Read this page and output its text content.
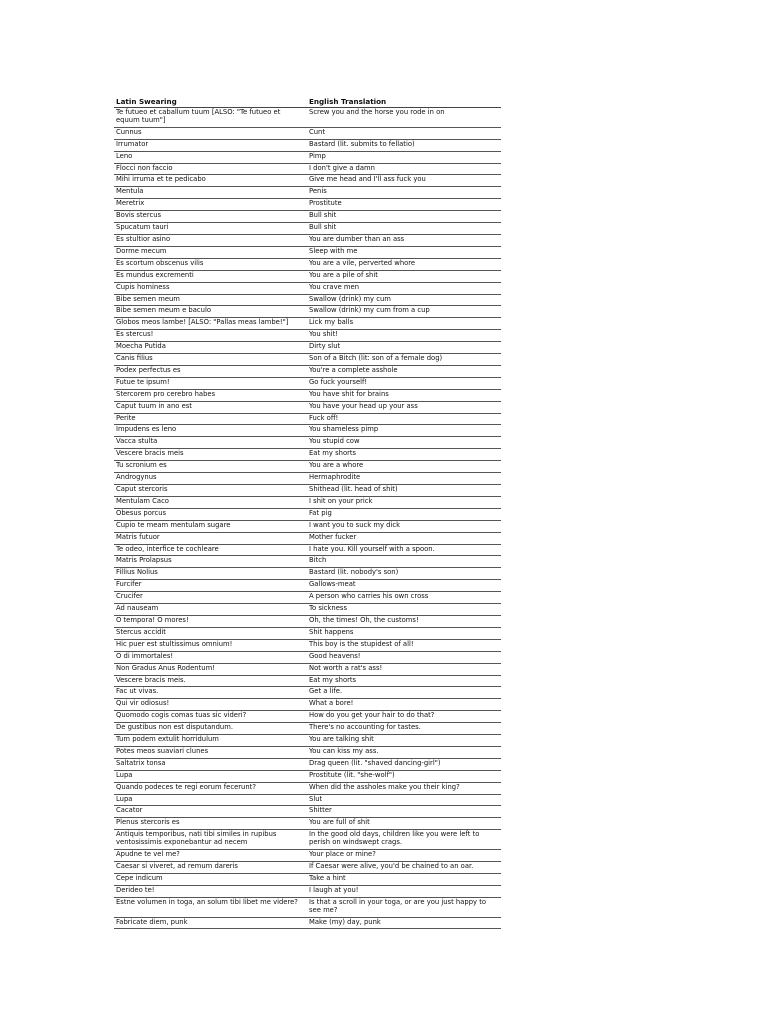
Latin Swearing	English Translation
Te futueo et caballum tuum [ALSO: "Te futueo et equum tuum"]	Screw you and the horse you rode in on
Cunnus	Cunt
Irrumator	Bastard (lit. submits to fellatio)
Leno	Pimp
Flocci non faccio	I don't give a damn
Mihi irruma et te pedicabo	Give me head and I'll ass fuck you
Mentula	Penis
Meretrix	Prostitute
Bovis stercus	Bull shit
Spucatum tauri	Bull shit
Es stultior asino	You are dumber than an ass
Dorme mecum	Sleep with me
Es scortum obscenus vilis	You are a vile, perverted whore
Es mundus excrementi	You are a pile of shit
Cupis hominess	You crave men
Bibe semen meum	Swallow (drink) my cum
Bibe semen meum e baculo	Swallow (drink) my cum from a cup
Globos meos lambe! [ALSO: "Pallas meas lambe!"]	Lick my balls
Es stercus!	You shit!
Moecha Putida	Dirty slut
Canis filius	Son of a Bitch (lit: son of a female dog)
Podex perfectus es	You're a complete asshole
Futue te ipsum!	Go fuck yourself!
Stercorem pro cerebro habes	You have shit for brains
Caput tuum in ano est	You have your head up your ass
Perite	Fuck off!
Impudens es leno	You shameless pimp
Vacca stulta	You stupid cow
Vescere bracis meis	Eat my shorts
Tu scronium es	You are a whore
Androgynus	Hermaphrodite
Caput stercoris	Shithead (lit. head of shit)
Mentulam Caco	I shit on your prick
Obesus porcus	Fat pig
Cupio te meam mentulam sugare	I want you to suck my dick
Matris futuor	Mother fucker
Te odeo, interfice te cochleare	I hate you. Kill yourself with a spoon.
Matris Prolapsus	Bitch
Fillius Nolius	Bastard (lit. nobody's son)
Furcifer	Gallows-meat
Crucifer	A person who carries his own cross
Ad nauseam	To sickness
O tempora! O mores!	Oh, the times! Oh, the customs!
Stercus accidit	Shit happens
Hic puer est stultissimus omnium!	This boy is the stupidest of all!
O di immortales!	Good heavens!
Non Gradus Anus Rodentum!	Not worth a rat's ass!
Vescere bracis meis.	Eat my shorts
Fac ut vivas.	Get a life.
Qui vir odiosus!	What a bore!
Quomodo cogis comas tuas sic videri?	How do you get your hair to do that?
De gustibus non est disputandum.	There's no accounting for tastes.
Tum podem extulit horridulum	You are talking shit
Potes meos suaviari clunes	You can kiss my ass.
Saltatrix tonsa	Drag queen (lit. "shaved dancing-girl")
Lupa	Prostitute (lit. "she-wolf")
Quando podeces te regi eorum fecerunt?	When did the assholes make you their king?
Lupa	Slut
Cacator	Shitter
Plenus stercoris es	You are full of shit
Antiquis temporibus, nati tibi similes in rupibus ventosissimis exponebantur ad necem	In the good old days, children like you were left to perish on windswept crags.
Apudne te vel me?	Your place or mine?
Caesar si viveret, ad remum dareris	If Caesar were alive, you'd be chained to an oar.
Cepe indicum	Take a hint
Derideo te!	I laugh at you!
Estne volumen in toga, an solum tibi libet me videre?	Is that a scroll in your toga, or are you just happy to see me?
Fabricate diem, punk	Make (my) day, punk
